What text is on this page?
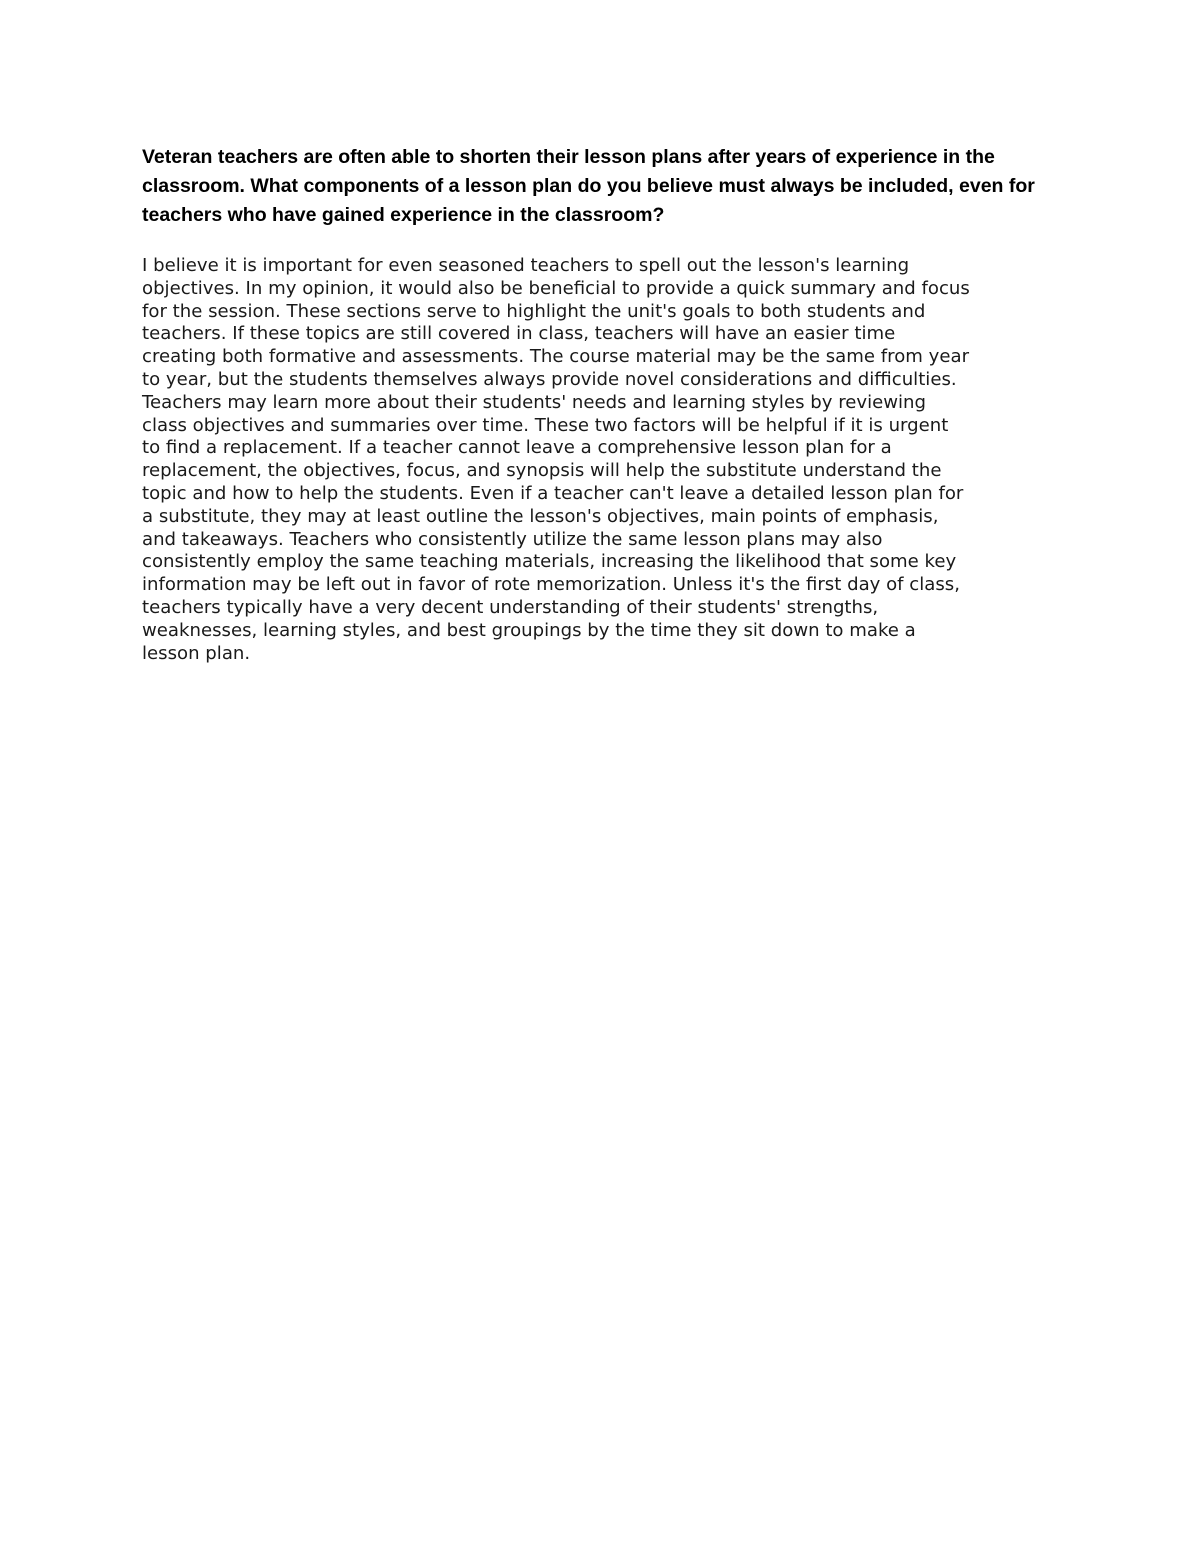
Veteran teachers are often able to shorten their lesson plans after years of experience in the
classroom. What components of a lesson plan do you believe must always be included, even for
teachers who have gained experience in the classroom?

I believe it is important for even seasoned teachers to spell out the lesson's learning
objectives. In my opinion, it would also be beneficial to provide a quick summary and focus
for the session. These sections serve to highlight the unit's goals to both students and
teachers. If these topics are still covered in class, teachers will have an easier time
creating both formative and assessments. The course material may be the same from year
to year, but the students themselves always provide novel considerations and difficulties.
Teachers may learn more about their students' needs and learning styles by reviewing
class objectives and summaries over time. These two factors will be helpful if it is urgent
to find a replacement. If a teacher cannot leave a comprehensive lesson plan for a
replacement, the objectives, focus, and synopsis will help the substitute understand the
topic and how to help the students. Even if a teacher can't leave a detailed lesson plan for
a substitute, they may at least outline the lesson's objectives, main points of emphasis,
and takeaways. Teachers who consistently utilize the same lesson plans may also
consistently employ the same teaching materials, increasing the likelihood that some key
information may be left out in favor of rote memorization. Unless it's the first day of class,
teachers typically have a very decent understanding of their students' strengths,
weaknesses, learning styles, and best groupings by the time they sit down to make a
lesson plan.
